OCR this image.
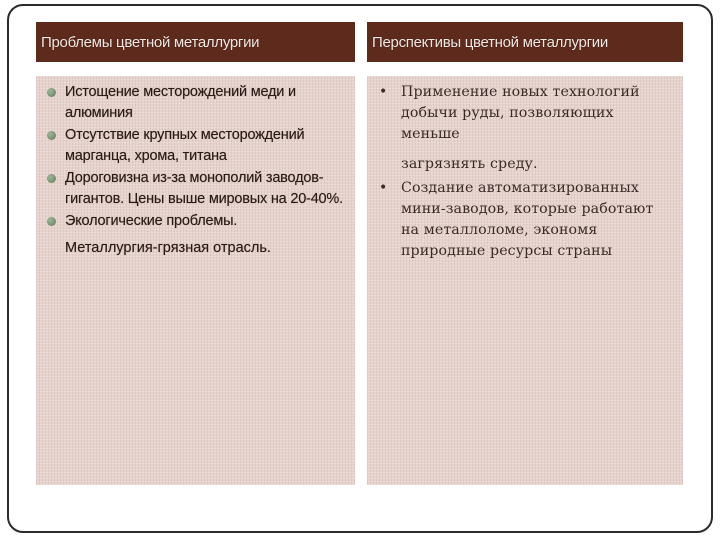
Проблемы цветной металлургии	Перспективы цветной металлургии
Истощение месторождений меди и алюминия
Отсутствие крупных месторождений марганца, хрома, титана
Дороговизна из-за монополий заводов- гигантов. Цены выше мировых на 20-40%.
Экологические проблемы.
Металлургия-грязная отрасль.
• Применение новых технологий добычи руды, позволяющих меньше
загрязнять среду.
• Создание автоматизированных мини-заводов, которые работают на металлоломе, экономя природные ресурсы страны
